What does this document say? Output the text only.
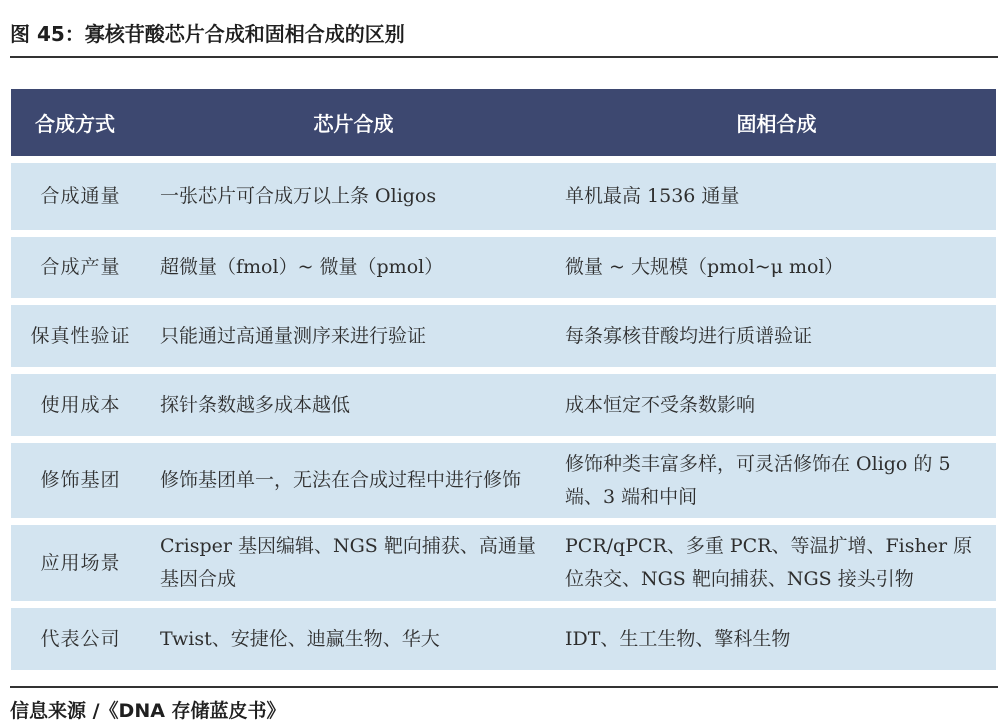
图 45：寡核苷酸芯片合成和固相合成的区别
合成方式	芯片合成	固相合成
合成通量	一张芯片可合成万以上条 Oligos	单机最高 1536 通量
合成产量	超微量（fmol）~ 微量（pmol）	微量 ~ 大规模（pmol~μ mol）
保真性验证	只能通过高通量测序来进行验证	每条寡核苷酸均进行质谱验证
使用成本	探针条数越多成本越低	成本恒定不受条数影响
修饰基团	修饰基团单一，无法在合成过程中进行修饰	修饰种类丰富多样，可灵活修饰在 Oligo 的 5 端、3 端和中间
应用场景	Crisper 基因编辑、NGS 靶向捕获、高通量基因合成	PCR/qPCR、多重 PCR、等温扩增、Fisher 原位杂交、NGS 靶向捕获、NGS 接头引物
代表公司	Twist、安捷伦、迪赢生物、华大	IDT、生工生物、擎科生物
信息来源 /《DNA 存储蓝皮书》
